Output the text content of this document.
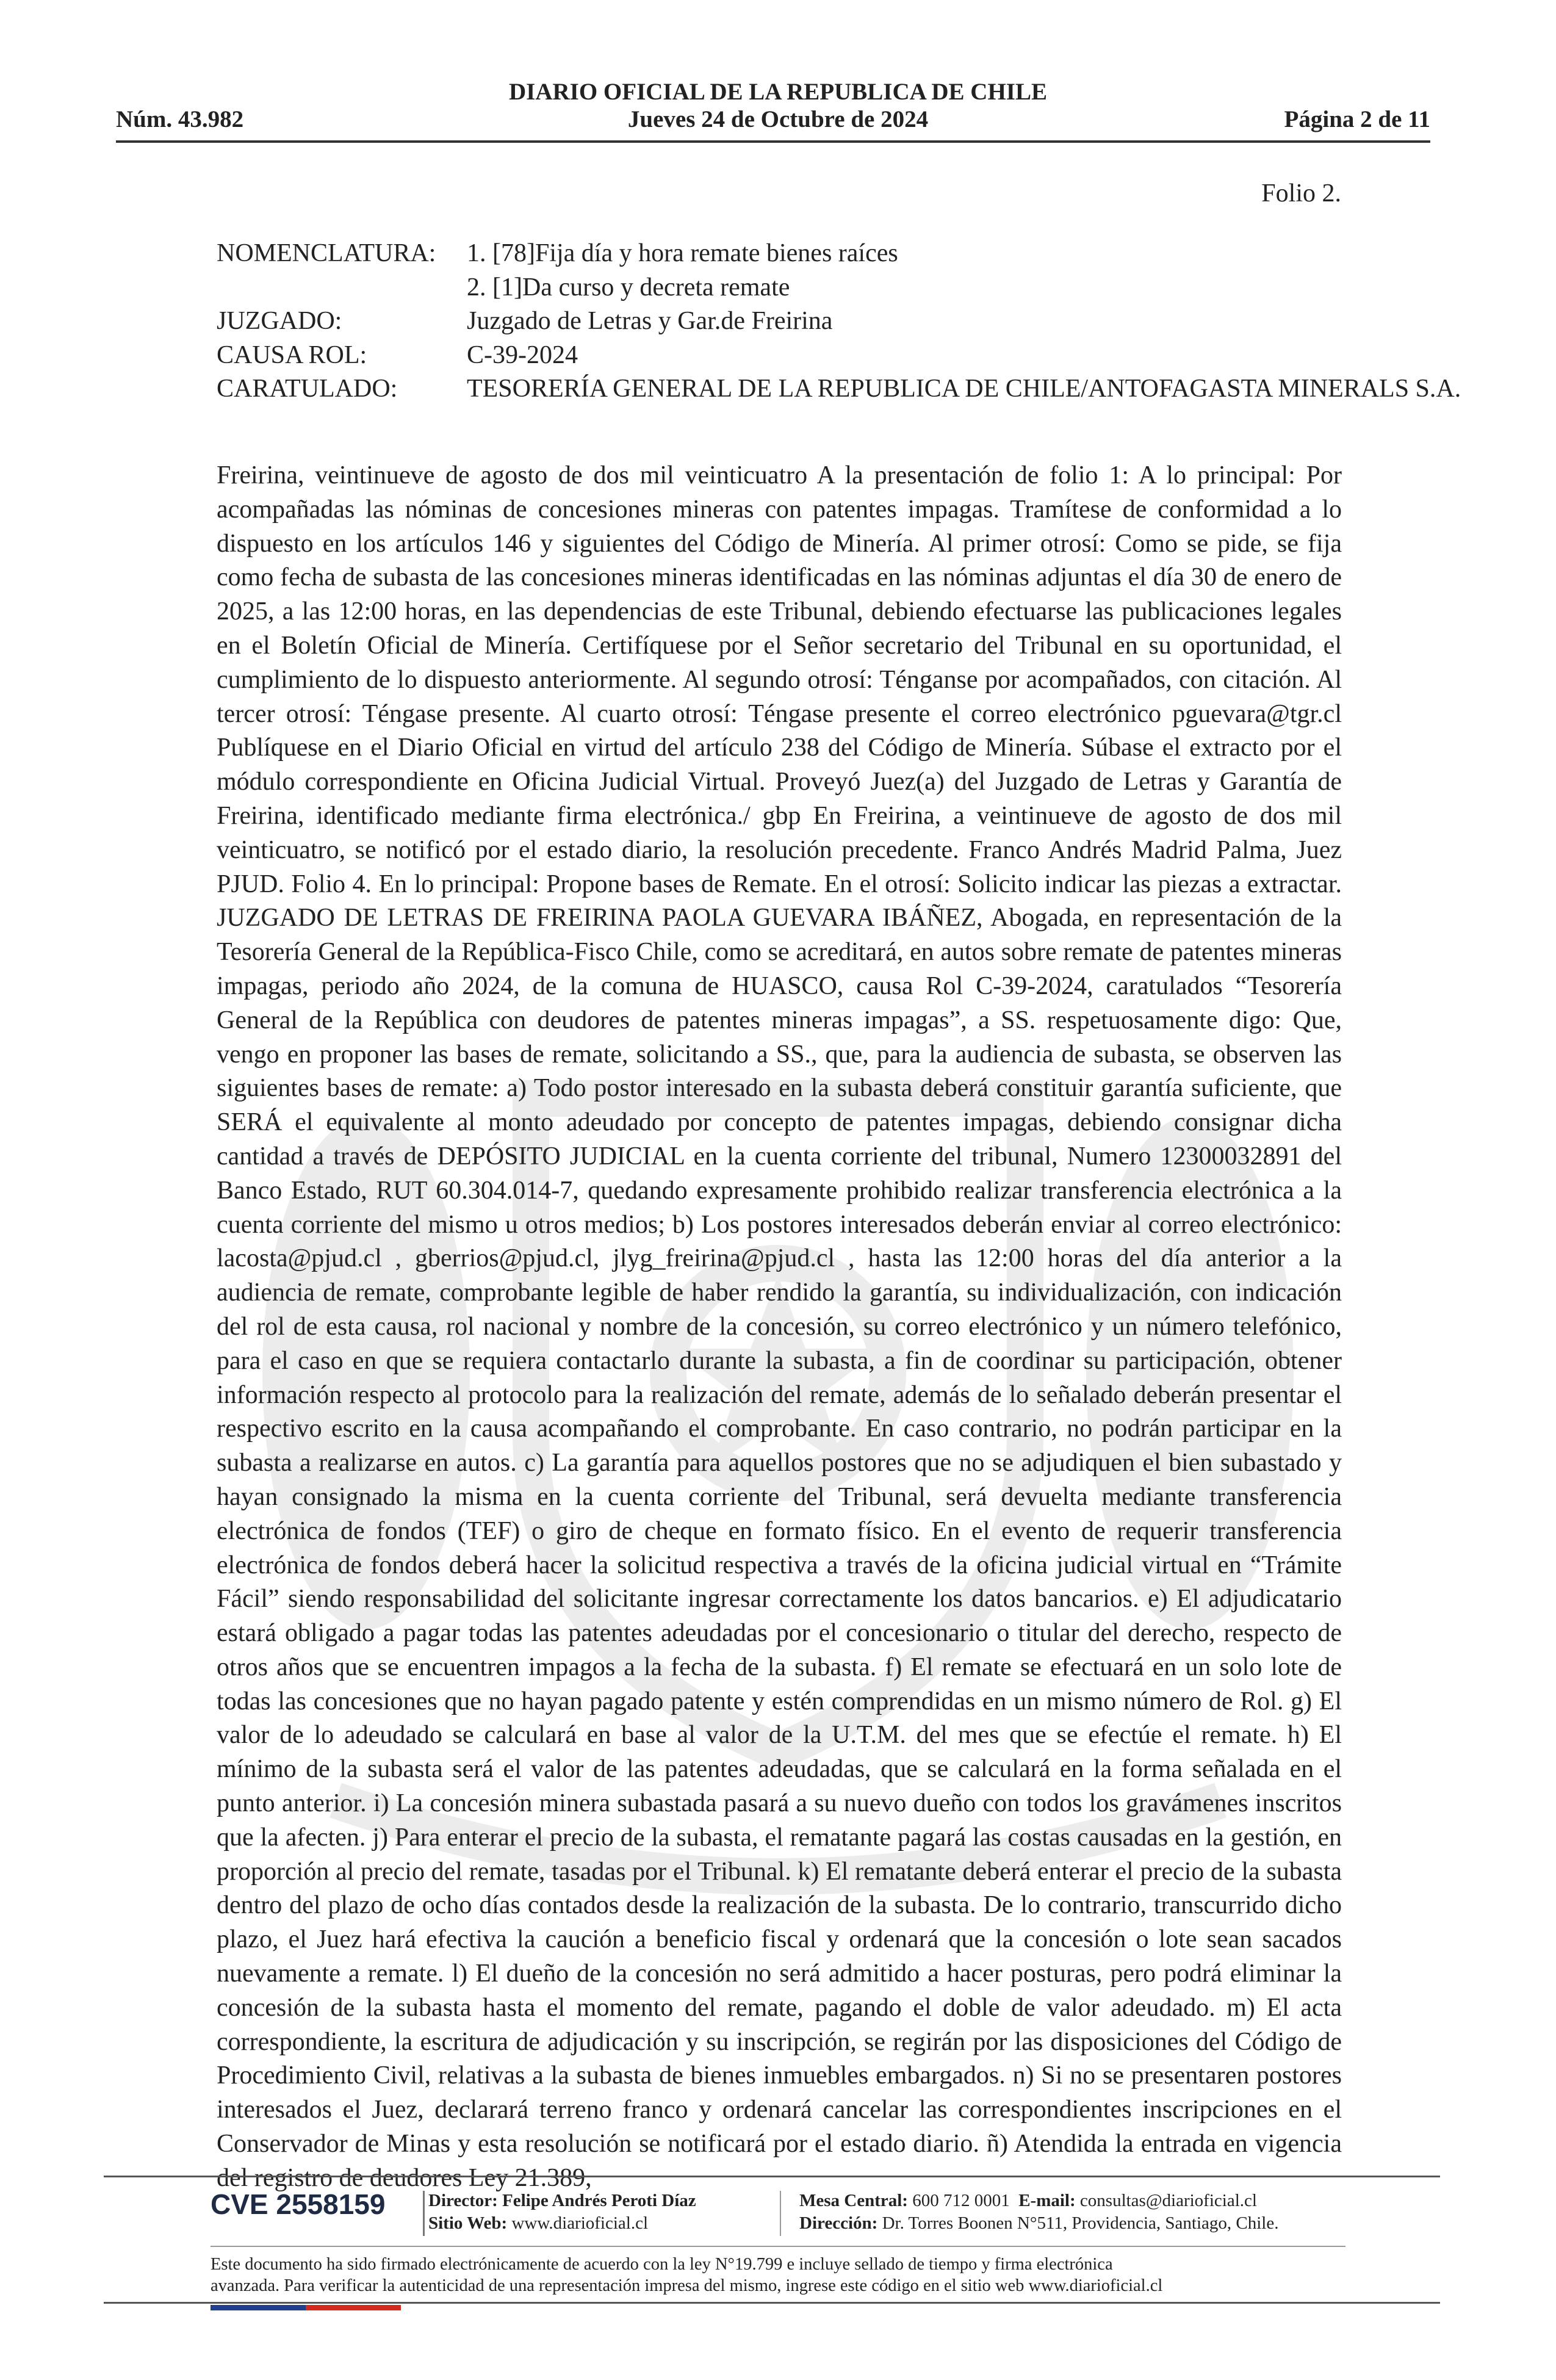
DIARIO OFICIAL DE LA REPUBLICA DE CHILE
Núm. 43.982	Jueves 24 de Octubre de 2024	Página 2 de 11
Folio 2.
NOMENCLATURA:	1. [78]Fija día y hora remate bienes raíces
2. [1]Da curso y decreta remate
JUZGADO:	Juzgado de Letras y Gar.de Freirina
CAUSA ROL:	C-39-2024
CARATULADO:	TESORERÍA GENERAL DE LA REPUBLICA DE CHILE/ANTOFAGASTA MINERALS S.A.
Freirina, veintinueve de agosto de dos mil veinticuatro A la presentación de folio 1: A lo principal: Por acompañadas las nóminas de concesiones mineras con patentes impagas. Tramítese de conformidad a lo dispuesto en los artículos 146 y siguientes del Código de Minería. Al primer otrosí: Como se pide, se fija como fecha de subasta de las concesiones mineras identificadas en las nóminas adjuntas el día 30 de enero de 2025, a las 12:00 horas, en las dependencias de este Tribunal, debiendo efectuarse las publicaciones legales en el Boletín Oficial de Minería. Certifíquese por el Señor secretario del Tribunal en su oportunidad, el cumplimiento de lo dispuesto anteriormente. Al segundo otrosí: Ténganse por acompañados, con citación. Al tercer otrosí: Téngase presente. Al cuarto otrosí: Téngase presente el correo electrónico pguevara@tgr.cl Publíquese en el Diario Oficial en virtud del artículo 238 del Código de Minería. Súbase el extracto por el módulo correspondiente en Oficina Judicial Virtual. Proveyó Juez(a) del Juzgado de Letras y Garantía de Freirina, identificado mediante firma electrónica./ gbp En Freirina, a veintinueve de agosto de dos mil veinticuatro, se notificó por el estado diario, la resolución precedente. Franco Andrés Madrid Palma, Juez PJUD. Folio 4. En lo principal: Propone bases de Remate. En el otrosí: Solicito indicar las piezas a extractar. JUZGADO DE LETRAS DE FREIRINA PAOLA GUEVARA IBÁÑEZ, Abogada, en representación de la Tesorería General de la República-Fisco Chile, como se acreditará, en autos sobre remate de patentes mineras impagas, periodo año 2024, de la comuna de HUASCO, causa Rol C-39-2024, caratulados “Tesorería General de la República con deudores de patentes mineras impagas”, a SS. respetuosamente digo: Que, vengo en proponer las bases de remate, solicitando a SS., que, para la audiencia de subasta, se observen las siguientes bases de remate: a) Todo postor interesado en la subasta deberá constituir garantía suficiente, que SERÁ el equivalente al monto adeudado por concepto de patentes impagas, debiendo consignar dicha cantidad a través de DEPÓSITO JUDICIAL en la cuenta corriente del tribunal, Numero 12300032891 del Banco Estado, RUT 60.304.014-7, quedando expresamente prohibido realizar transferencia electrónica a la cuenta corriente del mismo u otros medios; b) Los postores interesados deberán enviar al correo electrónico: lacosta@pjud.cl , gberrios@pjud.cl, jlyg_freirina@pjud.cl , hasta las 12:00 horas del día anterior a la audiencia de remate, comprobante legible de haber rendido la garantía, su individualización, con indicación del rol de esta causa, rol nacional y nombre de la concesión, su correo electrónico y un número telefónico, para el caso en que se requiera contactarlo durante la subasta, a fin de coordinar su participación, obtener información respecto al protocolo para la realización del remate, además de lo señalado deberán presentar el respectivo escrito en la causa acompañando el comprobante. En caso contrario, no podrán participar en la subasta a realizarse en autos. c) La garantía para aquellos postores que no se adjudiquen el bien subastado y hayan consignado la misma en la cuenta corriente del Tribunal, será devuelta mediante transferencia electrónica de fondos (TEF) o giro de cheque en formato físico. En el evento de requerir transferencia electrónica de fondos deberá hacer la solicitud respectiva a través de la oficina judicial virtual en “Trámite Fácil” siendo responsabilidad del solicitante ingresar correctamente los datos bancarios. e) El adjudicatario estará obligado a pagar todas las patentes adeudadas por el concesionario o titular del derecho, respecto de otros años que se encuentren impagos a la fecha de la subasta. f) El remate se efectuará en un solo lote de todas las concesiones que no hayan pagado patente y estén comprendidas en un mismo número de Rol. g) El valor de lo adeudado se calculará en base al valor de la U.T.M. del mes que se efectúe el remate. h) El mínimo de la subasta será el valor de las patentes adeudadas, que se calculará en la forma señalada en el punto anterior. i) La concesión minera subastada pasará a su nuevo dueño con todos los gravámenes inscritos que la afecten. j) Para enterar el precio de la subasta, el rematante pagará las costas causadas en la gestión, en proporción al precio del remate, tasadas por el Tribunal. k) El rematante deberá enterar el precio de la subasta dentro del plazo de ocho días contados desde la realización de la subasta. De lo contrario, transcurrido dicho plazo, el Juez hará efectiva la caución a beneficio fiscal y ordenará que la concesión o lote sean sacados nuevamente a remate. l) El dueño de la concesión no será admitido a hacer posturas, pero podrá eliminar la concesión de la subasta hasta el momento del remate, pagando el doble de valor adeudado. m) El acta correspondiente, la escritura de adjudicación y su inscripción, se regirán por las disposiciones del Código de Procedimiento Civil, relativas a la subasta de bienes inmuebles embargados. n) Si no se presentaren postores interesados el Juez, declarará terreno franco y ordenará cancelar las correspondientes inscripciones en el Conservador de Minas y esta resolución se notificará por el estado diario. ñ) Atendida la entrada en vigencia del registro de deudores Ley 21.389,
CVE 2558159 Director: Felipe Andrés Peroti Díaz
Sitio Web: www.diarioficial.cl
Mesa Central: 600 712 0001 E-mail: consultas@diarioficial.cl
Dirección: Dr. Torres Boonen N°511, Providencia, Santiago, Chile.
Este documento ha sido firmado electrónicamente de acuerdo con la ley N°19.799 e incluye sellado de tiempo y firma electrónica
avanzada. Para verificar la autenticidad de una representación impresa del mismo, ingrese este código en el sitio web www.diarioficial.cl
